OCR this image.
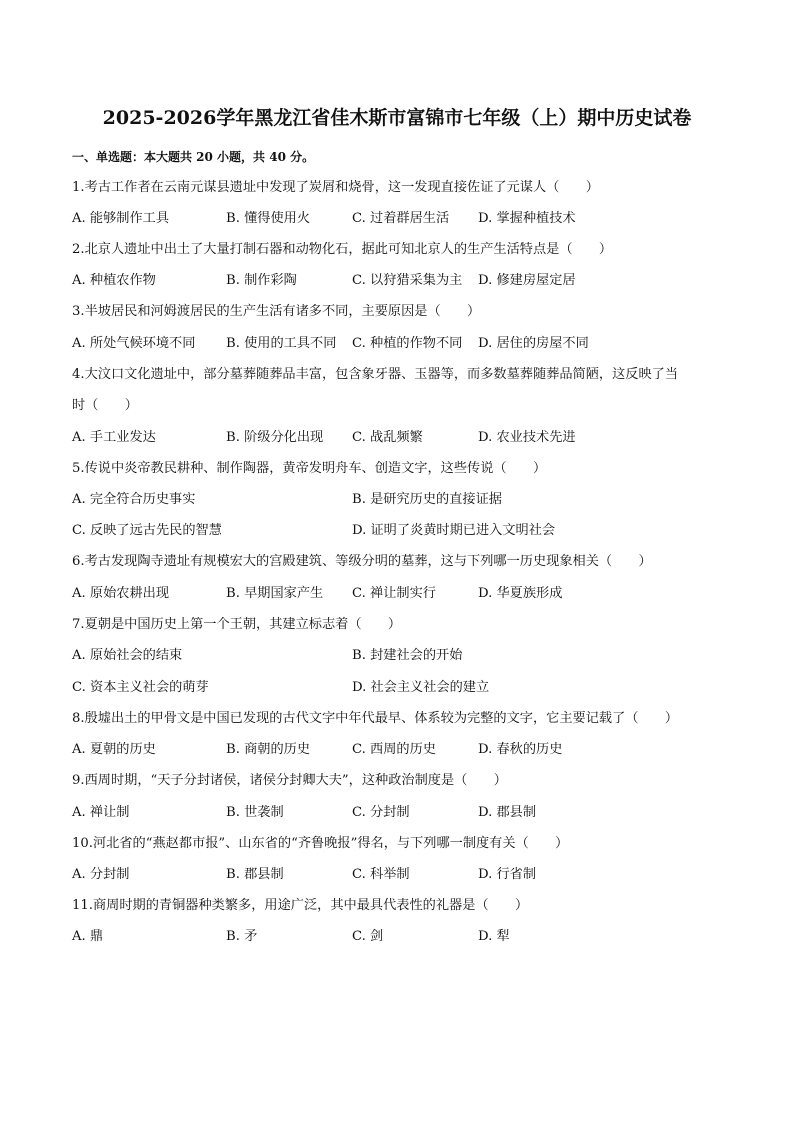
2025-2026学年黑龙江省佳木斯市富锦市七年级（上）期中历史试卷
一、单选题：本大题共 20 小题，共 40 分。
1.考古工作者在云南元谋县遗址中发现了炭屑和烧骨，这一发现直接佐证了元谋人（　　）
A. 能够制作工具	B. 懂得使用火	C. 过着群居生活 D. 掌握种植技术
2.北京人遗址中出土了大量打制石器和动物化石，据此可知北京人的生产生活特点是（　　）
A. 种植农作物	B. 制作彩陶	C. 以狩猎采集为主 D. 修建房屋定居
3.半坡居民和河姆渡居民的生产生活有诸多不同，主要原因是（　　）
A. 所处气候环境不同 B. 使用的工具不同 C. 种植的作物不同 D. 居住的房屋不同
4.大汶口文化遗址中，部分墓葬随葬品丰富，包含象牙器、玉器等，而多数墓葬随葬品简陋，这反映了当
时（　　）
A. 手工业发达	B. 阶级分化出现 C. 战乱频繁	D. 农业技术先进
5.传说中炎帝教民耕种、制作陶器，黄帝发明舟车、创造文字，这些传说（　　）
A. 完全符合历史事实	B. 是研究历史的直接证据
C. 反映了远古先民的智慧	D. 证明了炎黄时期已进入文明社会
6.考古发现陶寺遗址有规模宏大的宫殿建筑、等级分明的墓葬，这与下列哪一历史现象相关（　　）
A. 原始农耕出现	B. 早期国家产生 C. 禅让制实行	D. 华夏族形成
7.夏朝是中国历史上第一个王朝，其建立标志着（　　）
A. 原始社会的结束	B. 封建社会的开始
C. 资本主义社会的萌芽	D. 社会主义社会的建立
8.殷墟出土的甲骨文是中国已发现的古代文字中年代最早、体系较为完整的文字，它主要记载了（　　）
A. 夏朝的历史	B. 商朝的历史	C. 西周的历史	D. 春秋的历史
9.西周时期，“天子分封诸侯，诸侯分封卿大夫”，这种政治制度是（　　）
A. 禅让制	B. 世袭制	C. 分封制	D. 郡县制
10.河北省的“燕赵都市报”、山东省的“齐鲁晚报”得名，与下列哪一制度有关（　　）
A. 分封制	B. 郡县制	C. 科举制	D. 行省制
11.商周时期的青铜器种类繁多，用途广泛，其中最具代表性的礼器是（　　）
A. 鼎	B. 矛	C. 剑	D. 犁
